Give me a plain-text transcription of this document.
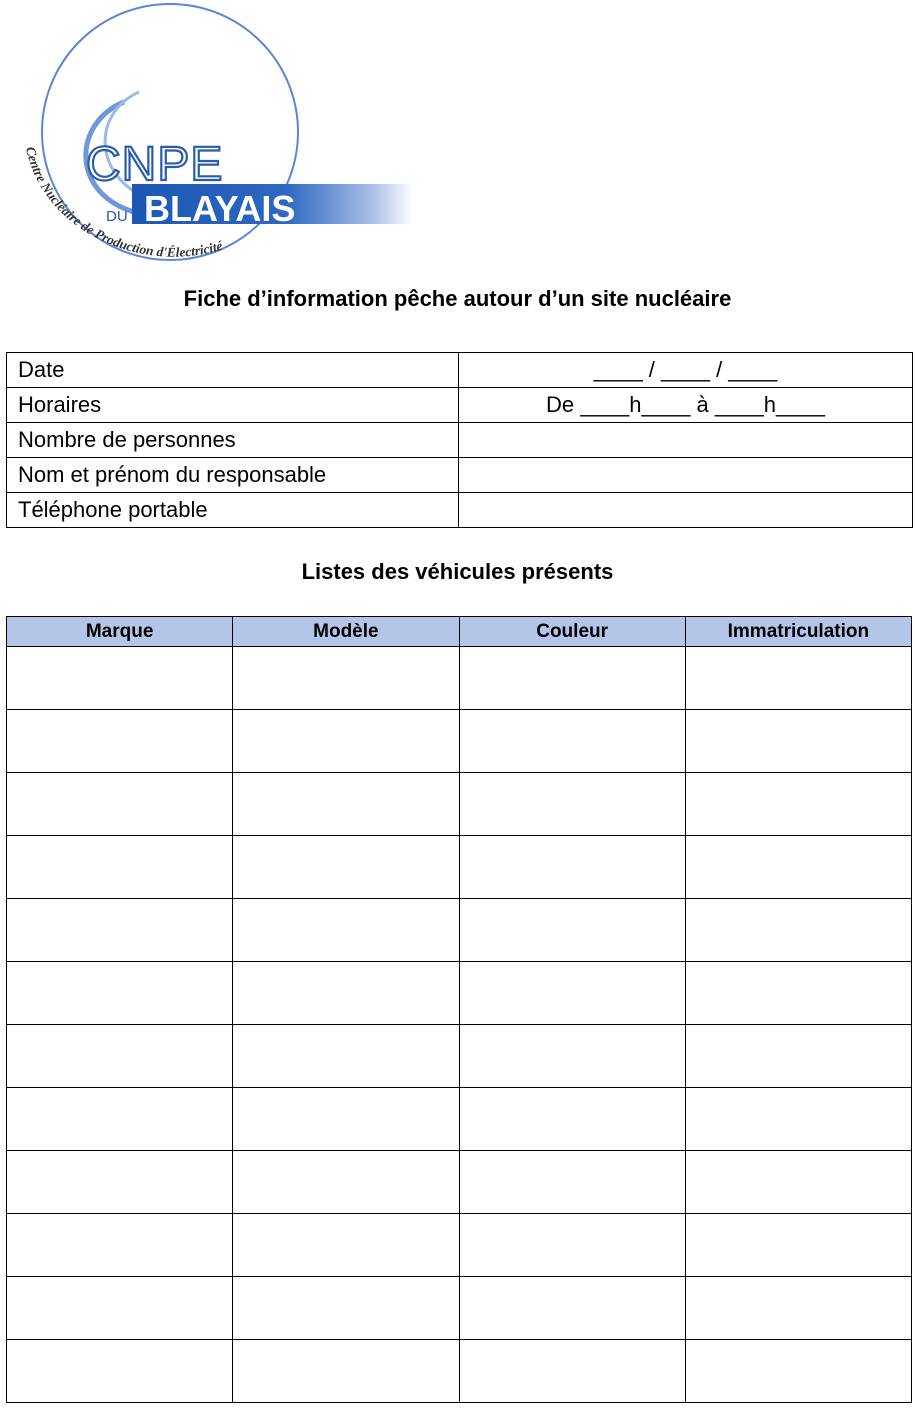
CNPE
DU BLAYAIS
Centre Nucléaire de Production d'Électricité
Fiche d’information pêche autour d’un site nucléaire
Date	____ / ____ / ____
Horaires	De ____h____ à ____h____
Nombre de personnes	
Nom et prénom du responsable	
Téléphone portable	
Listes des véhicules présents
Marque	Modèle	Couleur	Immatriculation
